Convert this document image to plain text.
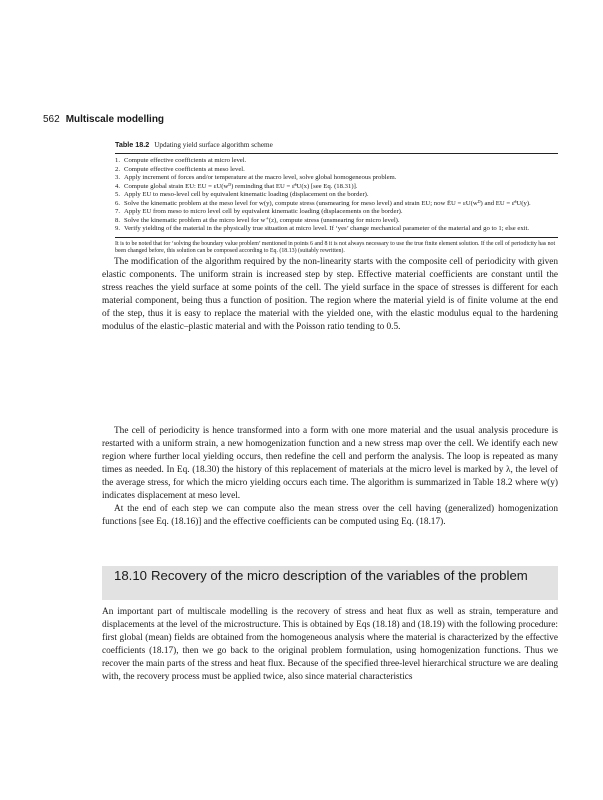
562 Multiscale modelling
Table 18.2 Updating yield surface algorithm scheme
1. Compute effective coefficients at micro level.
2. Compute effective coefficients at meso level.
3. Apply increment of forces and/or temperature at the macro level, solve global homogeneous problem.
4. Compute global strain EU: EU = εU(wᴰ) reminding that EU = ε̄ᵟU(x) [see Eq. (18.31)].
5. Apply EU to meso-level cell by equivalent kinematic loading (displacement on the border).
6. Solve the kinematic problem at the meso level for w(y), compute stress (unsmearing for meso level) and strain EU; now ĒU = εU(wᴰ) and EU = ε̄ᵟU(y).
7. Apply EU from meso to micro level cell by equivalent kinematic loading (displacements on the border).
8. Solve the kinematic problem at the micro level for w⁺(z), compute stress (unsmearing for micro level).
9. Verify yielding of the material in the physically true situation at micro level. If ‘yes’ change mechanical parameter of the material and go to 1; else exit.
It is to be noted that for ‘solving the boundary value problem’ mentioned in points 6 and 8 it is not always necessary to use the true finite element solution. If the cell of periodicity has not been changed before, this solution can be composed according to Eq. (18.13) (suitably rewritten).

The modification of the algorithm required by the non-linearity starts with the composite cell of periodicity with given elastic components. The uniform strain is increased step by step. Effective material coefficients are constant until the stress reaches the yield surface at some points of the cell. The yield surface in the space of stresses is different for each material component, being thus a function of position. The region where the material yield is of finite volume at the end of the step, thus it is easy to replace the material with the yielded one, with the elastic modulus equal to the hardening modulus of the elastic–plastic material and with the Poisson ratio tending to 0.5.

The cell of periodicity is hence transformed into a form with one more material and the usual analysis procedure is restarted with a uniform strain, a new homogenization function and a new stress map over the cell. We identify each new region where further local yielding occurs, then redefine the cell and perform the analysis. The loop is repeated as many times as needed. In Eq. (18.30) the history of this replacement of materials at the micro level is marked by λ, the level of the average stress, for which the micro yielding occurs each time. The algorithm is summarized in Table 18.2 where w(y) indicates displacement at meso level.

At the end of each step we can compute also the mean stress over the cell having (generalized) homogenization functions [see Eq. (18.16)] and the effective coefficients can be computed using Eq. (18.17).

18.10 Recovery of the micro description of the variables of the problem

An important part of multiscale modelling is the recovery of stress and heat flux as well as strain, temperature and displacements at the level of the microstructure. This is obtained by Eqs (18.18) and (18.19) with the following procedure: first global (mean) fields are obtained from the homogeneous analysis where the material is characterized by the effective coefficients (18.17), then we go back to the original problem formulation, using homogenization functions. Thus we recover the main parts of the stress and heat flux. Because of the specified three-level hierarchical structure we are dealing with, the recovery process must be applied twice, also since material characteristics
